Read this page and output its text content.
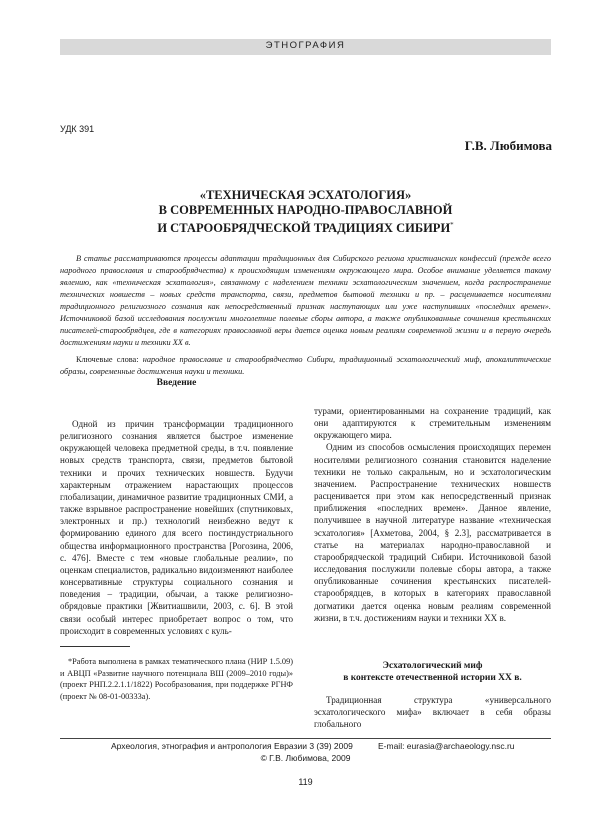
ЭТНОГРАФИЯ
УДК 391
Г.В. Любимова
«ТЕХНИЧЕСКАЯ ЭСХАТОЛОГИЯ»
В СОВРЕМЕННЫХ НАРОДНО-ПРАВОСЛАВНОЙ
И СТАРООБРЯДЧЕСКОЙ ТРАДИЦИЯХ СИБИРИ*
В статье рассматриваются процессы адаптации традиционных для Сибирского региона христианских конфессий (прежде всего народного православия и старообрядчества) к происходящим изменениям окружающего мира. Особое внимание уделяется такому явлению, как «техническая эсхатология», связанному с наделением техники эсхатологическим значением, когда распространение технических новшеств – новых средств транспорта, связи, предметов бытовой техники и пр. – расценивается носителями традиционного религиозного сознания как непосредственный признак наступающих или уже наступивших «последних времен». Источниковой базой исследования послужили многолетние полевые сборы автора, а также опубликованные сочинения крестьянских писателей-старообрядцев, где в категориях православной веры дается оценка новым реалиям современной жизни и в первую очередь достижениям науки и техники XX в.
Ключевые слова: народное православие и старообрядчество Сибири, традиционный эсхатологический миф, апокалиптические образы, современные достижения науки и техники.
Введение

Одной из причин трансформации традиционного религиозного сознания является быстрое изменение окружающей человека предметной среды, в т.ч. появление новых средств транспорта, связи, предметов бытовой техники и прочих технических новшеств. Будучи характерным отражением нарастающих процессов глобализации, динамичное развитие традиционных СМИ, а также взрывное распространение новейших (спутниковых, электронных и пр.) технологий неизбежно ведут к формированию единого для всего постиндустриального общества информационного пространства [Рогозина, 2006, с. 476]. Вместе с тем «новые глобальные реалии», по оценкам специалистов, радикально видоизменяют наиболее консервативные структуры социального сознания и поведения – традиции, обычаи, а также религиозно-обрядовые практики [Жвитиашвили, 2003, с. 6]. В этой связи особый интерес приобретает вопрос о том, что происходит в современных условиях с куль-

*Работа выполнена в рамках тематического плана (НИР 1.5.09) и АВЦП «Развитие научного потенциала ВШ (2009–2010 годы)» (проект РНП.2.2.1.1/1822) Рособразования, при поддержке РГНФ (проект № 08-01-00333а).

турами, ориентированными на сохранение традиций, как они адаптируются к стремительным изменениям окружающего мира.

Одним из способов осмысления происходящих перемен носителями религиозного сознания становится наделение техники не только сакральным, но и эсхатологическим значением. Распространение технических новшеств расценивается при этом как непосредственный признак приближения «последних времен». Данное явление, получившее в научной литературе название «техническая эсхатология» [Ахметова, 2004, § 2.3], рассматривается в статье на материалах народно-православной и старообрядческой традиций Сибири. Источниковой базой исследования послужили полевые сборы автора, а также опубликованные сочинения крестьянских писателей-старообрядцев, в которых в категориях православной догматики дается оценка новым реалиям современной жизни, в т.ч. достижениям науки и техники XX в.

Эсхатологический миф
в контексте отечественной истории XX в.

Традиционная структура «универсального эсхатологического мифа» включает в себя образы глобального

Археология, этнография и антропология Евразии 3 (39) 2009	E-mail: eurasia@archaeology.nsc.ru
© Г.В. Любимова, 2009
119
